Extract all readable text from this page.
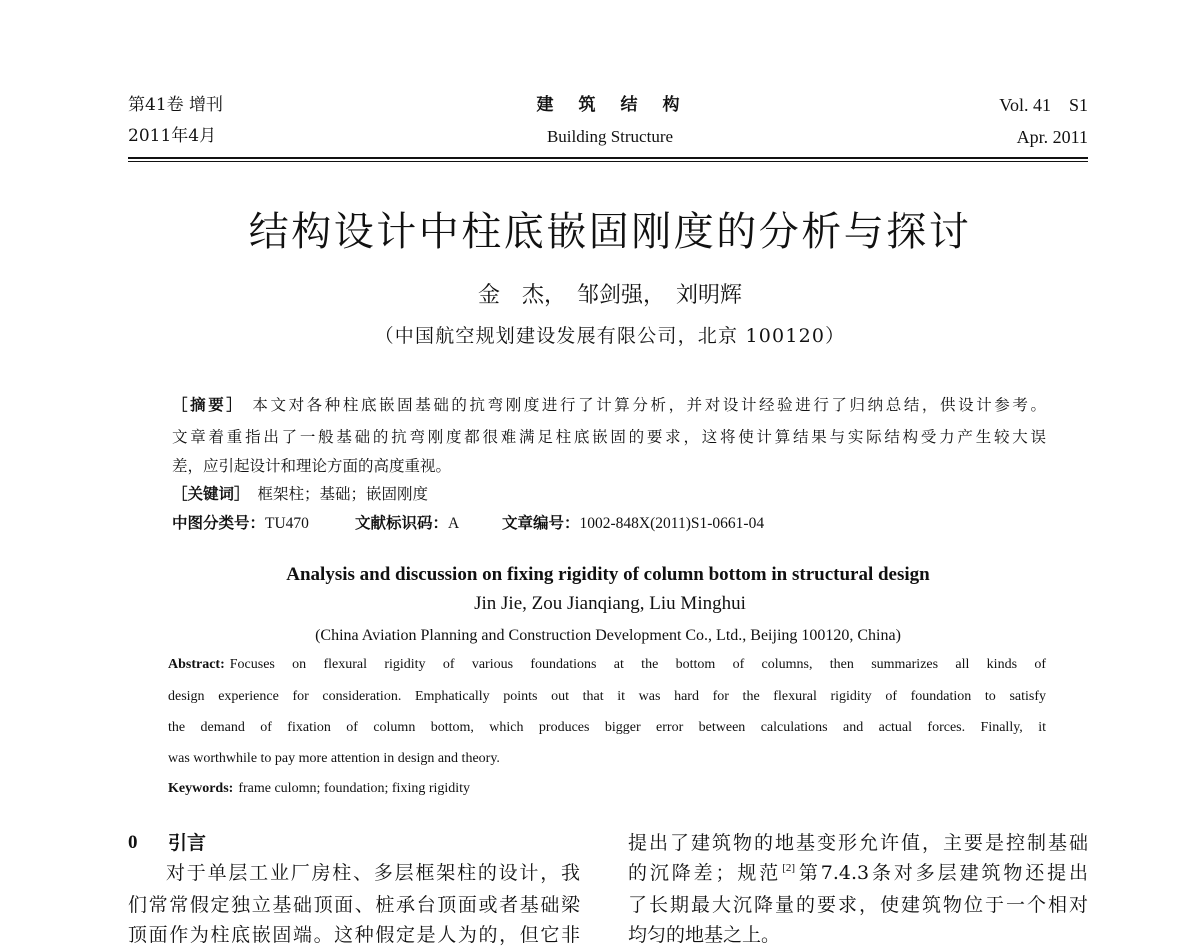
第41卷 增刊
2011年4月
建　筑　结　构
Building Structure
Vol. 41　S1
Apr. 2011
结构设计中柱底嵌固刚度的分析与探讨
金　杰，　邹剑强，　刘明辉
（中国航空规划建设发展有限公司，北京 100120）
［摘要］ 本文对各种柱底嵌固基础的抗弯刚度进行了计算分析，并对设计经验进行了归纳总结，供设计参考。
文章着重指出了一般基础的抗弯刚度都很难满足柱底嵌固的要求，这将使计算结果与实际结构受力产生较大误
差，应引起设计和理论方面的高度重视。
［关键词］ 框架柱；基础；嵌固刚度
中图分类号：TU470	文献标识码：A	文章编号：1002-848X(2011)S1-0661-04
Analysis and discussion on fixing rigidity of column bottom in structural design
Jin Jie, Zou Jianqiang, Liu Minghui
(China Aviation Planning and Construction Development Co., Ltd., Beijing 100120, China)
Abstract: Focuses on flexural rigidity of various foundations at the bottom of columns, then summarizes all kinds of
design experience for consideration. Emphatically points out that it was hard for the flexural rigidity of foundation to satisfy
the demand of fixation of column bottom, which produces bigger error between calculations and actual forces. Finally, it
was worthwhile to pay more attention in design and theory.
Keywords: frame culomn; foundation; fixing rigidity
0 引言
对于单层工业厂房柱、多层框架柱的设计，我
们常常假定独立基础顶面、桩承台顶面或者基础梁
顶面作为柱底嵌固端。这种假定是人为的，但它非
提出了建筑物的地基变形允许值，主要是控制基础
的沉降差；规范[2]第7.4.3条对多层建筑物还提出
了长期最大沉降量的要求，使建筑物位于一个相对
均匀的地基之上。
